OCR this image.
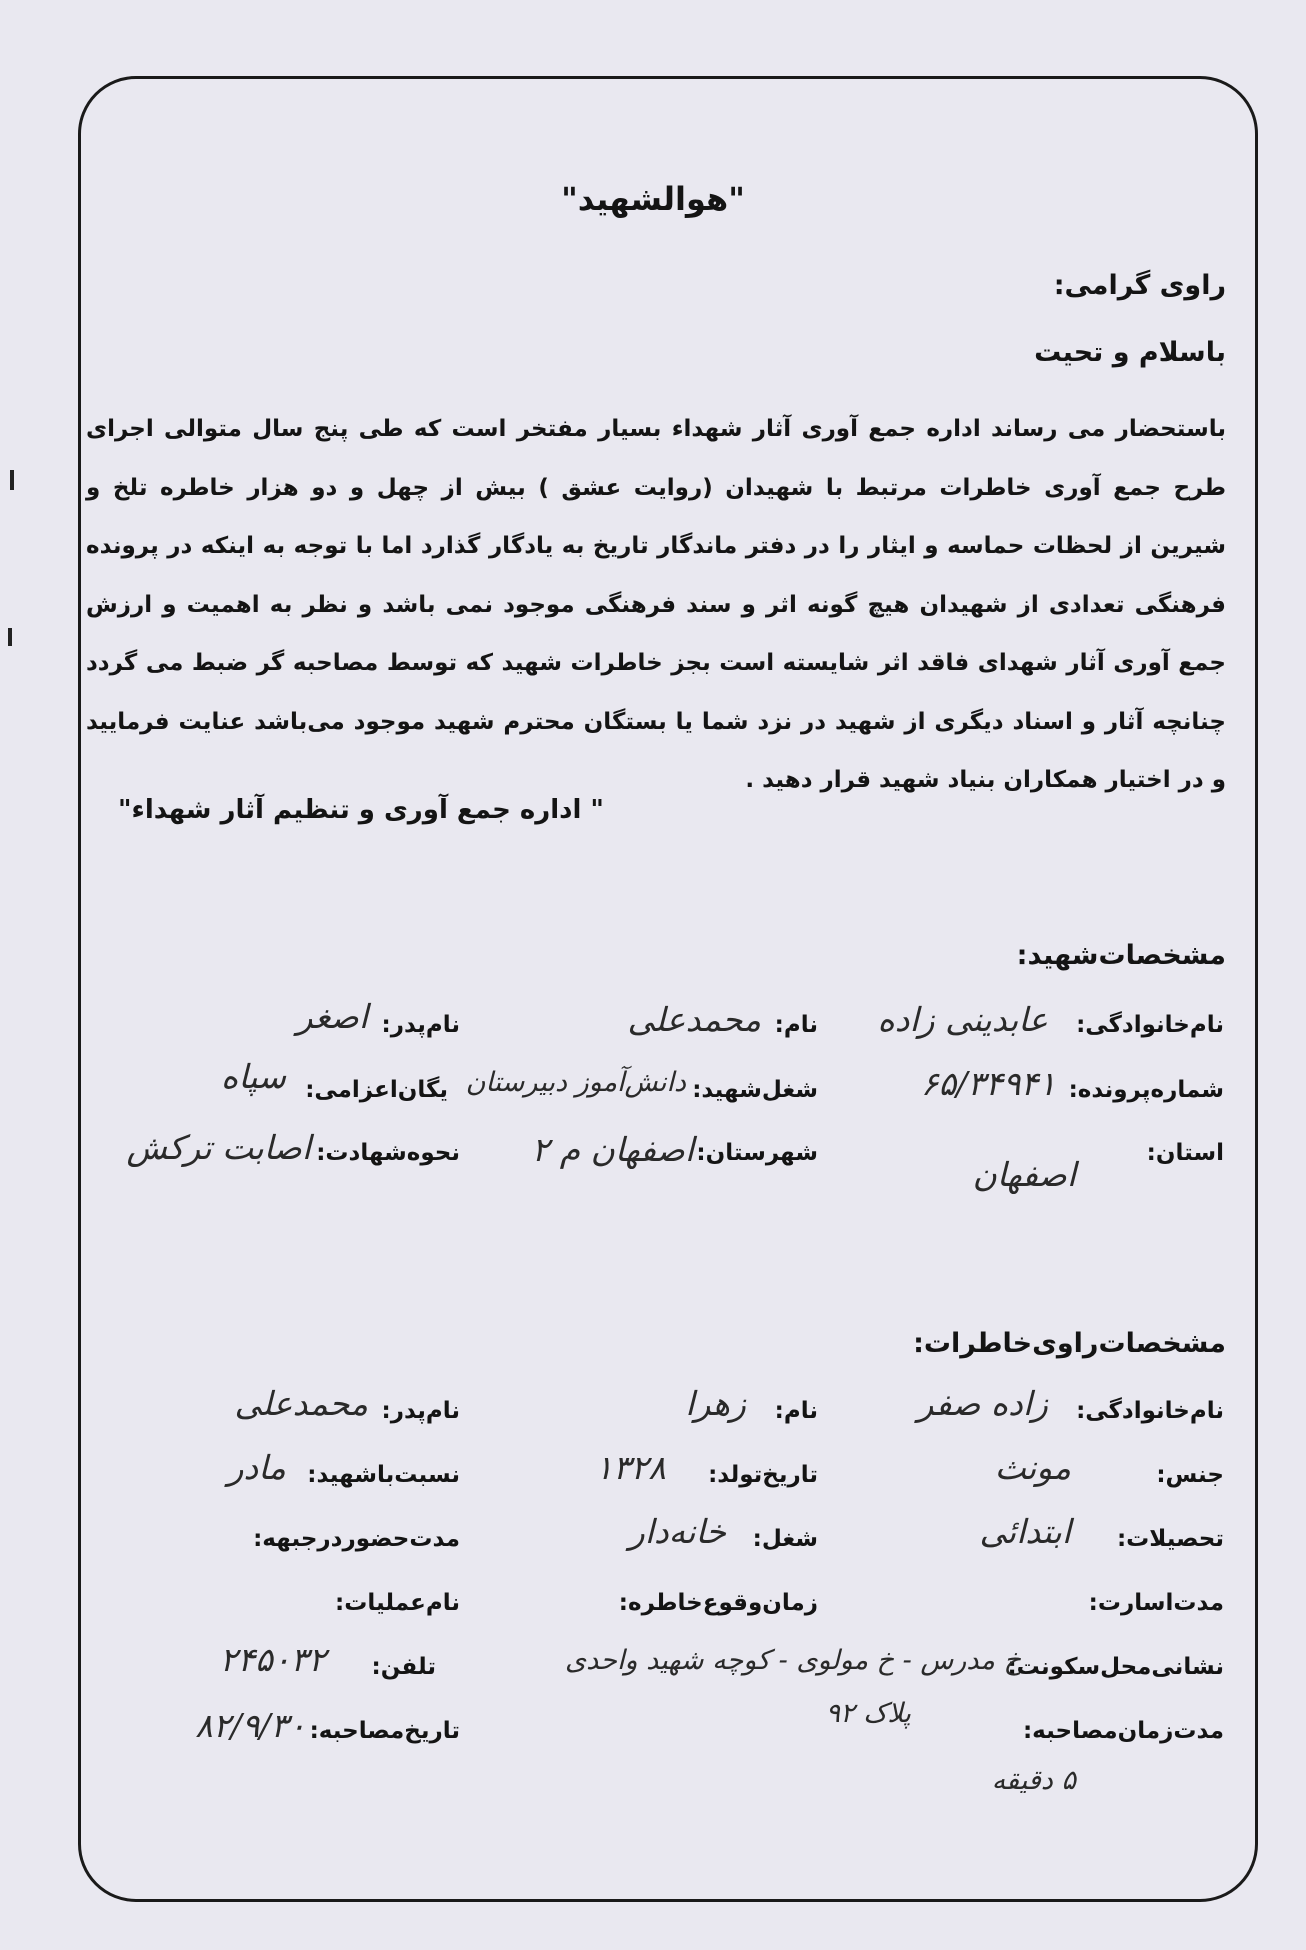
"هوالشهید"
راوی گرامی:
باسلام و تحیت
باستحضار می رساند اداره جمع آوری آثار شهداء بسیار مفتخر است که طی پنج سال متوالی اجرای طرح جمع آوری خاطرات مرتبط با شهیدان (روایت عشق ) بیش از چهل و دو هزار خاطره تلخ و شیرین از لحظات حماسه و ایثار را در دفتر ماندگار تاریخ به یادگار گذارد اما با توجه به اینکه در پرونده فرهنگی تعدادی از شهیدان هیچ گونه اثر و سند فرهنگی موجود نمی باشد و نظر به اهمیت و ارزش جمع آوری آثار شهدای فاقد اثر شایسته است بجز خاطرات شهید که توسط مصاحبه گر ضبط می گردد چنانچه آثار و اسناد دیگری از شهید در نزد شما یا بستگان محترم شهید موجود می‌باشد عنایت فرمایید و در اختیار همکاران بنیاد شهید قرار دهید .
" اداره جمع آوری و تنظیم آثار شهداء"
مشخصات‌شهید:
نام‌خانوادگی:
عابدینی زاده
نام:
محمدعلی
نام‌پدر:
اصغر
شماره‌پرونده:
۶۵/۳۴۹۴۱
شغل‌شهید:
دانش‌آموز دبیرستان
یگان‌اعزامی:
سپاه
استان:
اصفهان
شهرستان:
اصفهان م ۲
نحوه‌شهادت:
اصابت ترکش
مشخصات‌راوی‌خاطرات:
نام‌خانوادگی:
زاده صفر
نام:
زهرا
نام‌پدر:
محمدعلی
جنس:
مونث
تاریخ‌تولد:
۱۳۲۸
نسبت‌باشهید:
مادر
تحصیلات:
ابتدائی
شغل:
خانه‌دار
مدت‌حضوردرجبهه:
مدت‌اسارت:
زمان‌وقوع‌خاطره:
نام‌عملیات:
نشانی‌محل‌سکونت:
خ مدرس - خ مولوی - کوچه شهید واحدی
پلاک ۹۲
تلفن:
۲۴۵۰۳۲
مدت‌زمان‌مصاحبه:
۵ دقیقه
تاریخ‌مصاحبه:
۸۲/۹/۳۰
